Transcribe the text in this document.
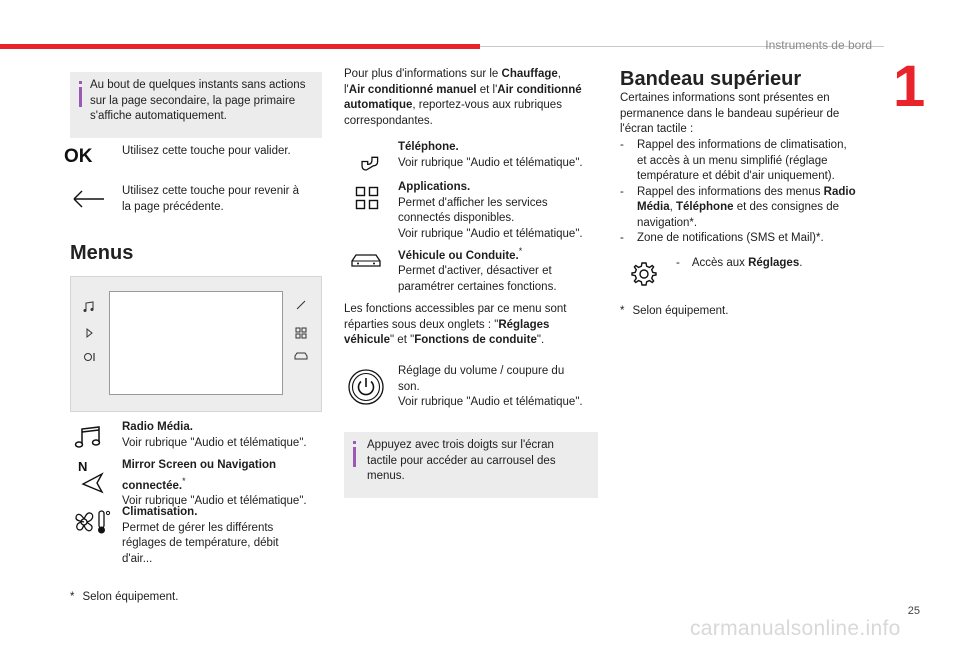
Instruments de bord
1
Au bout de quelques instants sans actions
sur la page secondaire, la page primaire
s'affiche automatiquement.
OK	Utilisez cette touche pour valider.
Utilisez cette touche pour revenir à
la page précédente.
Menus
Radio Média.
Voir rubrique "Audio et télématique".
N	Mirror Screen ou Navigation
connectée.*
Voir rubrique "Audio et télématique".
Climatisation.
Permet de gérer les différents
réglages de température, débit
d'air...
* Selon équipement.
Pour plus d'informations sur le Chauffage,
l'Air conditionné manuel et l'Air conditionné
automatique, reportez-vous aux rubriques
correspondantes.
Téléphone.
Voir rubrique "Audio et télématique".
Applications.
Permet d'afficher les services
connectés disponibles.
Voir rubrique "Audio et télématique".
Véhicule ou Conduite.*
Permet d'activer, désactiver et
paramétrer certaines fonctions.
Les fonctions accessibles par ce menu sont
réparties sous deux onglets : "Réglages
véhicule" et "Fonctions de conduite".
Réglage du volume / coupure du
son.
Voir rubrique "Audio et télématique".
Appuyez avec trois doigts sur l'écran
tactile pour accéder au carrousel des
menus.
Bandeau supérieur
Certaines informations sont présentes en
permanence dans le bandeau supérieur de
l'écran tactile :
- Rappel des informations de climatisation,
et accès à un menu simplifié (réglage
température et débit d'air uniquement).
- Rappel des informations des menus Radio
Média, Téléphone et des consignes de
navigation*.
- Zone de notifications (SMS et Mail)*.
- Accès aux Réglages.
* Selon équipement.
25
carmanualsonline.info
